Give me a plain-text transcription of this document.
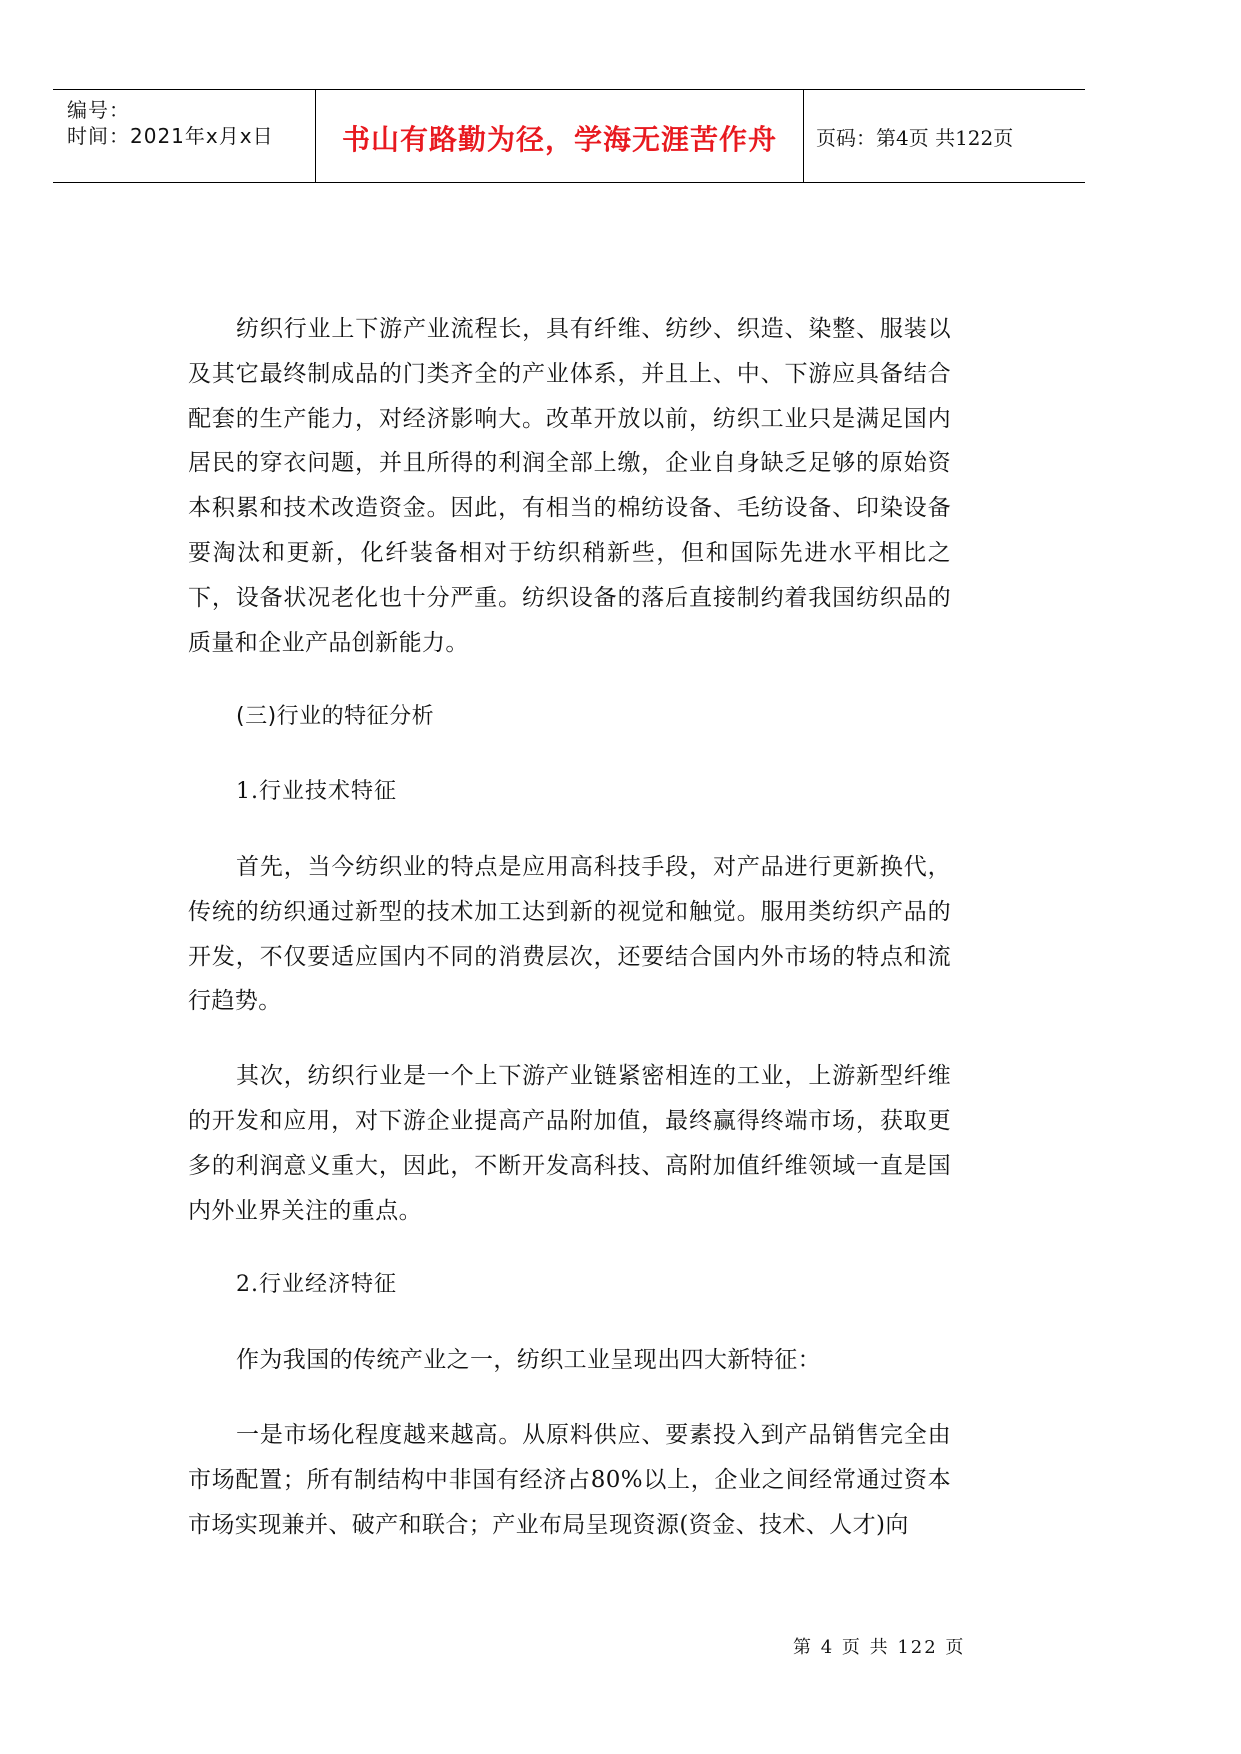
编号：
时间：2021年x月x日	书山有路勤为径，学海无涯苦作舟	页码：第4页 共122页

纺织行业上下游产业流程长，具有纤维、纺纱、织造、染整、服装以及其它最终制成品的门类齐全的产业体系，并且上、中、下游应具备结合配套的生产能力，对经济影响大。改革开放以前，纺织工业只是满足国内居民的穿衣问题，并且所得的利润全部上缴，企业自身缺乏足够的原始资本积累和技术改造资金。因此，有相当的棉纺设备、毛纺设备、印染设备要淘汰和更新，化纤装备相对于纺织稍新些，但和国际先进水平相比之下，设备状况老化也十分严重。纺织设备的落后直接制约着我国纺织品的质量和企业产品创新能力。

(三)行业的特征分析

1.行业技术特征

首先，当今纺织业的特点是应用高科技手段，对产品进行更新换代，传统的纺织通过新型的技术加工达到新的视觉和触觉。服用类纺织产品的开发，不仅要适应国内不同的消费层次，还要结合国内外市场的特点和流行趋势。

其次，纺织行业是一个上下游产业链紧密相连的工业，上游新型纤维的开发和应用，对下游企业提高产品附加值，最终赢得终端市场，获取更多的利润意义重大，因此，不断开发高科技、高附加值纤维领域一直是国内外业界关注的重点。

2.行业经济特征

作为我国的传统产业之一，纺织工业呈现出四大新特征：

一是市场化程度越来越高。从原料供应、要素投入到产品销售完全由市场配置；所有制结构中非国有经济占80%以上，企业之间经常通过资本市场实现兼并、破产和联合；产业布局呈现资源(资金、技术、人才)向

第 4 页 共 122 页
